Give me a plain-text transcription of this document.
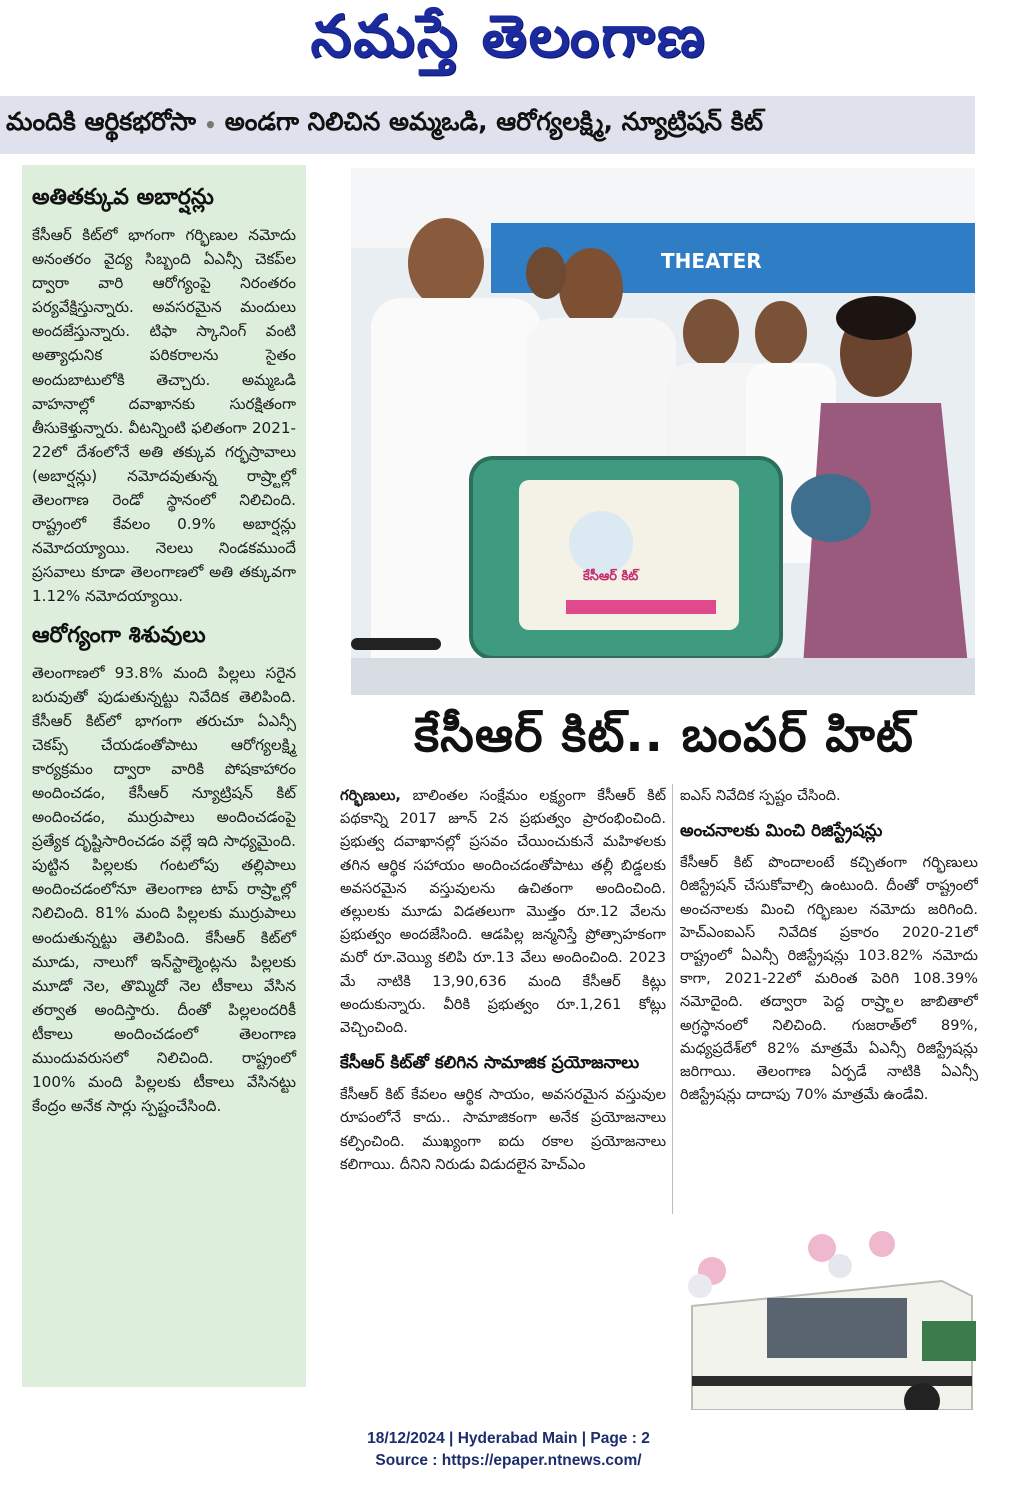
నమస్తే తెలంగాణ
మందికి ఆర్థికభరోసా • అండగా నిలిచిన అమ్మఒడి, ఆరోగ్యలక్ష్మి, న్యూట్రిషన్ కిట్
అతితక్కువ అబార్షన్లు
కేసీఆర్ కిట్‌లో భాగంగా గర్భిణుల నమోదు అనంతరం వైద్య సిబ్బంది ఏఎన్సీ చెకప్‌ల ద్వారా వారి ఆరోగ్యంపై నిరంతరం పర్యవేక్షిస్తున్నారు. అవసరమైన మందులు అందజేస్తున్నారు. టిఫా స్కానింగ్ వంటి అత్యాధునిక పరికరాలను సైతం అందుబాటులోకి తెచ్చారు. అమ్మఒడి వాహనాల్లో దవాఖానకు సురక్షితంగా తీసుకెళ్తున్నారు. వీటన్నింటి ఫలితంగా 2021-22లో దేశంలోనే అతి తక్కువ గర్భస్రావాలు (అబార్షన్లు) నమోదవుతున్న రాష్ర్టాల్లో తెలంగాణ రెండో స్థానంలో నిలిచింది. రాష్ట్రంలో కేవలం 0.9% అబార్షన్లు నమోదయ్యాయి. నెలలు నిండకముందే ప్రసవాలు కూడా తెలంగాణలో అతి తక్కువగా 1.12% నమోదయ్యాయి.
ఆరోగ్యంగా శిశువులు
తెలంగాణలో 93.8% మంది పిల్లలు సరైన బరువుతో పుడుతున్నట్టు నివేదిక తెలిపింది. కేసీఆర్ కిట్‌లో భాగంగా తరుచూ ఏఎన్సీ చెకప్స్ చేయడంతోపాటు ఆరోగ్యలక్ష్మి కార్యక్రమం ద్వారా వారికి పోషకాహారం అందించడం, కేసీఆర్ న్యూట్రిషన్ కిట్ అందించడం, ముర్రుపాలు అందించడంపై ప్రత్యేక దృష్టిసారించడం వల్లే ఇది సాధ్యమైంది. పుట్టిన పిల్లలకు గంటలోపు తల్లిపాలు అందించడంలోనూ తెలంగాణ టాప్ రాష్ర్టాల్లో నిలిచింది. 81% మంది పిల్లలకు ముర్రుపాలు అందుతున్నట్టు తెలిపింది. కేసీఆర్ కిట్‌లో మూడు, నాలుగో ఇన్‌స్టాల్మెంట్లను పిల్లలకు మూడో నెల, తొమ్మిదో నెల టీకాలు వేసిన తర్వాత అందిస్తారు. దీంతో పిల్లలందరికీ టీకాలు అందించడంలో తెలంగాణ ముందువరుసలో నిలిచింది. రాష్ట్రంలో 100% మంది పిల్లలకు టీకాలు వేసినట్టు కేంద్రం అనేక సార్లు స్పష్టంచేసింది.
THEATER
కేసీఆర్ కిట్
కేసీఆర్ కిట్.. బంపర్ హిట్
గర్భిణులు, బాలింతల సంక్షేమం లక్ష్యంగా కేసీఆర్ కిట్ పథకాన్ని 2017 జూన్ 2న ప్రభుత్వం ప్రారంభించింది. ప్రభుత్వ దవాఖానల్లో ప్రసవం చేయించుకునే మహిళలకు తగిన ఆర్థిక సహాయం అందించడంతోపాటు తల్లీ బిడ్డలకు అవసరమైన వస్తువులను ఉచితంగా అందించింది. తల్లులకు మూడు విడతలుగా మొత్తం రూ.12 వేలను ప్రభుత్వం అందజేసింది. ఆడపిల్ల జన్మనిస్తే ప్రోత్సాహకంగా మరో రూ.వెయ్యి కలిపి రూ.13 వేలు అందించింది. 2023 మే నాటికి 13,90,636 మంది కేసీఆర్ కిట్లు అందుకున్నారు. వీరికి ప్రభుత్వం రూ.1,261 కోట్లు వెచ్చించింది.
కేసీఆర్ కిట్‌తో కలిగిన సామాజిక ప్రయోజనాలు
కేసీఆర్ కిట్ కేవలం ఆర్థిక సాయం, అవసరమైన వస్తువుల రూపంలోనే కాదు.. సామాజికంగా అనేక ప్రయోజనాలు కల్పించింది. ముఖ్యంగా ఐదు రకాల ప్రయోజనాలు కలిగాయి. దీనిని నిరుడు విడుదలైన హెచ్‌ఎం
ఐఎస్ నివేదిక స్పష్టం చేసింది.
అంచనాలకు మించి రిజిస్ట్రేషన్లు
కేసీఆర్ కిట్ పొందాలంటే కచ్చితంగా గర్భిణులు రిజిస్ట్రేషన్ చేసుకోవాల్సి ఉంటుంది. దీంతో రాష్ట్రంలో అంచనాలకు మించి గర్భిణుల నమోదు జరిగింది. హెచ్‌ఎంఐఎస్ నివేదిక ప్రకారం 2020-21లో రాష్ట్రంలో ఏఎన్సీ రిజిస్ట్రేషన్లు 103.82% నమోదు కాగా, 2021-22లో మరింత పెరిగి 108.39% నమోదైంది. తద్వారా పెద్ద రాష్ర్టాల జాబితాలో అగ్రస్థానంలో నిలిచింది. గుజరాత్‌లో 89%, మధ్యప్రదేశ్‌లో 82% మాత్రమే ఏఎన్సీ రిజిస్ట్రేషన్లు జరిగాయి. తెలంగాణ ఏర్పడే నాటికి ఏఎన్సీ రిజిస్ట్రేషన్లు దాదాపు 70% మాత్రమే ఉండేవి.
18/12/2024 | Hyderabad Main | Page : 2
Source : https://epaper.ntnews.com/
